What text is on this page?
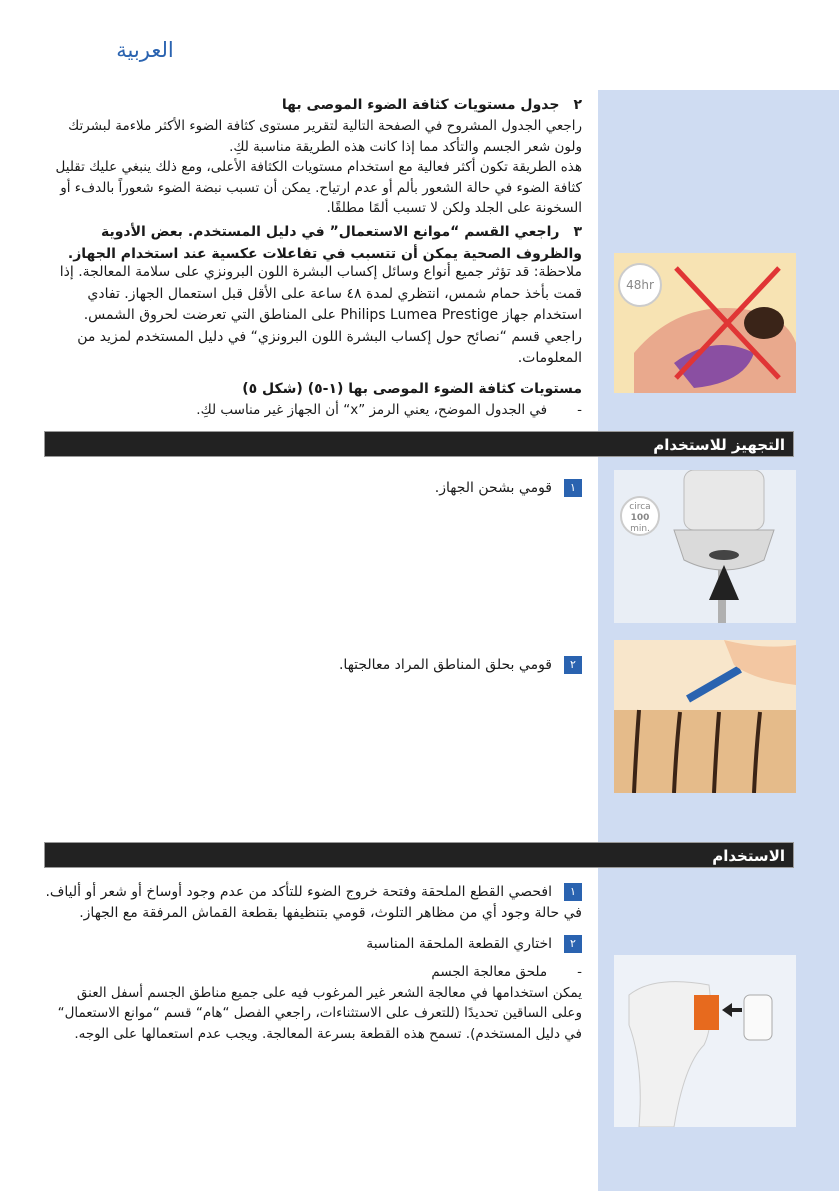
العربية
٢جدول مستويات كثافة الضوء الموصى بها

راجعي الجدول المشروح في الصفحة التالية لتقرير مستوى كثافة الضوء الأكثر ملاءمة لبشرتك ولون شعر الجسم والتأكد مما إذا كانت هذه الطريقة مناسبة لكِ.

هذه الطريقة تكون أكثر فعالية مع استخدام مستويات الكثافة الأعلى، ومع ذلك ينبغي عليك تقليل كثافة الضوء في حالة الشعور بألم أو عدم ارتياح. يمكن أن تسبب نبضة الضوء شعوراً بالدفء أو السخونة على الجلد ولكن لا تسبب ألمًا مطلقًا.

٣راجعي القسم “موانع الاستعمال” في دليل المستخدم. بعض الأدوية والظروف الصحية يمكن أن تتسبب في تفاعلات عكسية عند استخدام الجهاز.

ملاحظة: قد تؤثر جميع أنواع وسائل إكساب البشرة اللون البرونزي على سلامة المعالجة. إذا قمت بأخذ حمام شمس، انتظري لمدة ٤٨ ساعة على الأقل قبل استعمال الجهاز. تفادي استخدام جهاز Philips Lumea Prestige على المناطق التي تعرضت لحروق الشمس. راجعي قسم “نصائح حول إكساب البشرة اللون البرونزي“ في دليل المستخدم لمزيد من المعلومات.

مستويات كثافة الضوء الموصى بها (١-٥) (شكل ٥)

-في الجدول الموضح، يعني الرمز ”x“ أن الجهاز غير مناسب لكِ.

48hr
التجهيز للاستخدام

١قومي بشحن الجهاز.

circa
100
min.

٢قومي بحلق المناطق المراد معالجتها.

الاستخدام

١افحصي القطع الملحقة وفتحة خروج الضوء للتأكد من عدم وجود أوساخ أو شعر أو ألياف. في حالة وجود أي من مظاهر التلوث، قومي بتنظيفها بقطعة القماش المرفقة مع الجهاز.

٢اختاري القطعة الملحقة المناسبة

-ملحق معالجة الجسم

يمكن استخدامها في معالجة الشعر غير المرغوب فيه على جميع مناطق الجسم أسفل العنق وعلى الساقين تحديدًا (للتعرف على الاستثناءات، راجعي الفصل “هام“ قسم “موانع الاستعمال“ في دليل المستخدم). تسمح هذه القطعة بسرعة المعالجة. ويجب عدم استعمالها على الوجه.
